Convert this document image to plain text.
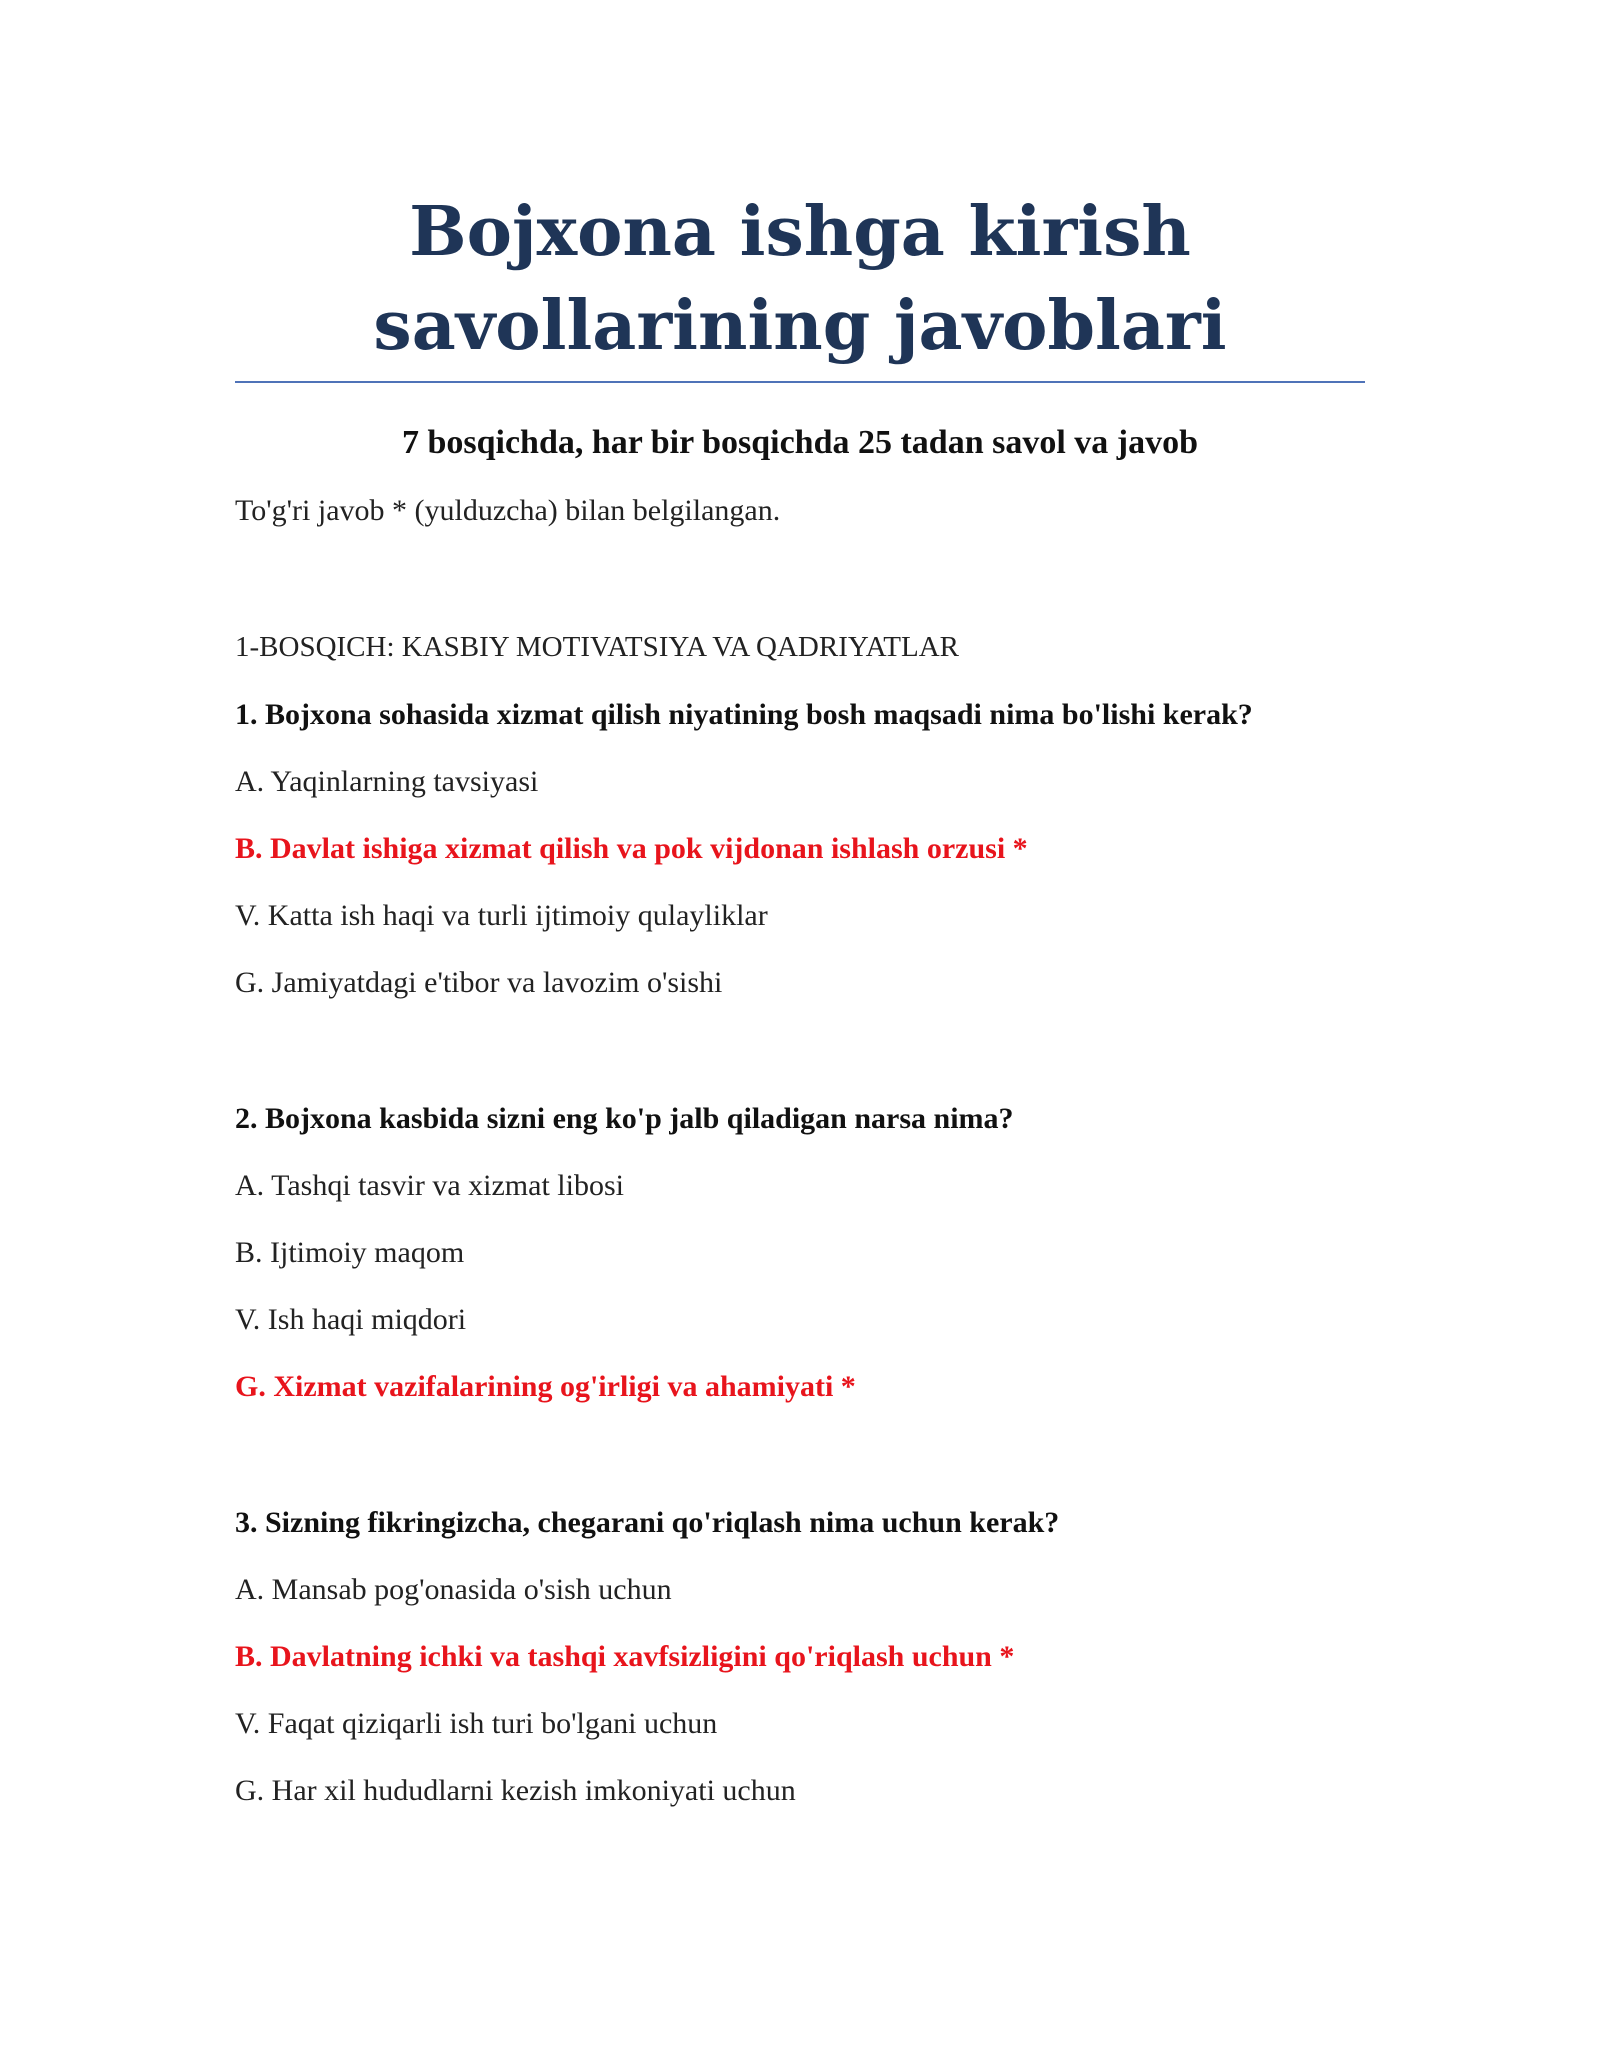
Bojxona ishga kirish
savollarining javoblari

7 bosqichda, har bir bosqichda 25 tadan savol va javob

To'g'ri javob * (yulduzcha) bilan belgilangan.

1-BOSQICH: KASBIY MOTIVATSIYA VA QADRIYATLAR

1. Bojxona sohasida xizmat qilish niyatining bosh maqsadi nima bo'lishi kerak?

A. Yaqinlarning tavsiyasi

B. Davlat ishiga xizmat qilish va pok vijdonan ishlash orzusi *

V. Katta ish haqi va turli ijtimoiy qulayliklar

G. Jamiyatdagi e'tibor va lavozim o'sishi

2. Bojxona kasbida sizni eng ko'p jalb qiladigan narsa nima?

A. Tashqi tasvir va xizmat libosi

B. Ijtimoiy maqom

V. Ish haqi miqdori

G. Xizmat vazifalarining og'irligi va ahamiyati *

3. Sizning fikringizcha, chegarani qo'riqlash nima uchun kerak?

A. Mansab pog'onasida o'sish uchun

B. Davlatning ichki va tashqi xavfsizligini qo'riqlash uchun *

V. Faqat qiziqarli ish turi bo'lgani uchun

G. Har xil hududlarni kezish imkoniyati uchun
